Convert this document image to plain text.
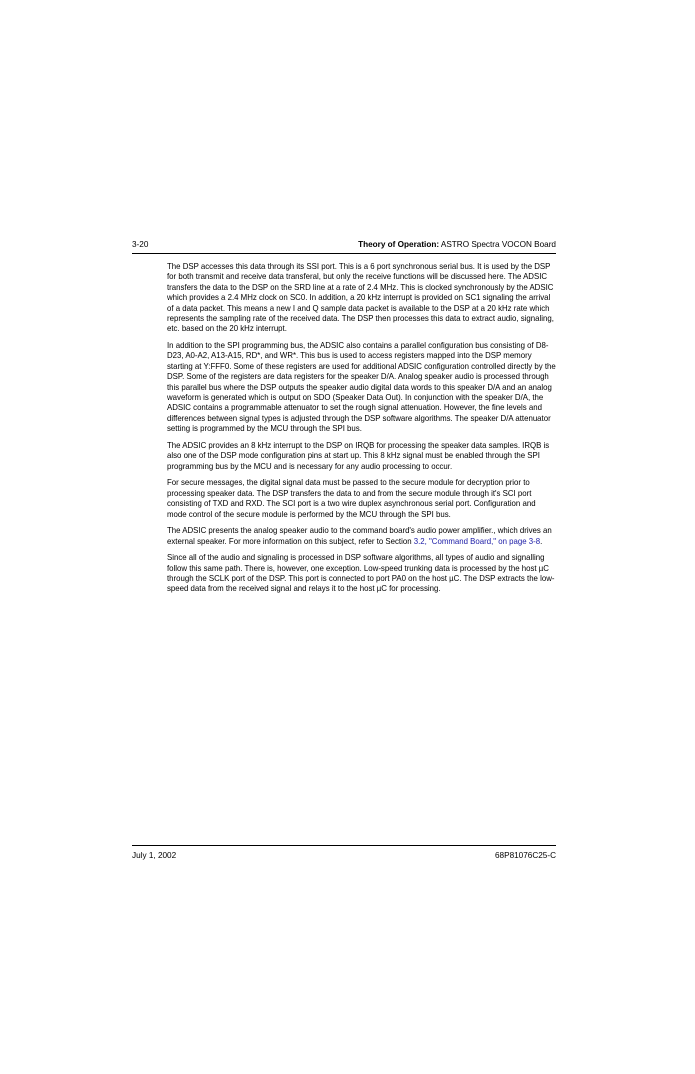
3-20	Theory of Operation: ASTRO Spectra VOCON Board

The DSP accesses this data through its SSI port. This is a 6 port synchronous serial bus. It is used by the DSP for both transmit and receive data transferal, but only the receive functions will be discussed here. The ADSIC transfers the data to the DSP on the SRD line at a rate of 2.4 MHz. This is clocked synchronously by the ADSIC which provides a 2.4 MHz clock on SC0. In addition, a 20 kHz interrupt is provided on SC1 signaling the arrival of a data packet. This means a new I and Q sample data packet is available to the DSP at a 20 kHz rate which represents the sampling rate of the received data. The DSP then processes this data to extract audio, signaling, etc. based on the 20 kHz interrupt.

In addition to the SPI programming bus, the ADSIC also contains a parallel configuration bus consisting of D8-D23, A0-A2, A13-A15, RD*, and WR*. This bus is used to access registers mapped into the DSP memory starting at Y:FFF0. Some of these registers are used for additional ADSIC configuration controlled directly by the DSP. Some of the registers are data registers for the speaker D/A. Analog speaker audio is processed through this parallel bus where the DSP outputs the speaker audio digital data words to this speaker D/A and an analog waveform is generated which is output on SDO (Speaker Data Out). In conjunction with the speaker D/A, the ADSIC contains a programmable attenuator to set the rough signal attenuation. However, the fine levels and differences between signal types is adjusted through the DSP software algorithms. The speaker D/A attenuator setting is programmed by the MCU through the SPI bus.

The ADSIC provides an 8 kHz interrupt to the DSP on IRQB for processing the speaker data samples. IRQB is also one of the DSP mode configuration pins at start up. This 8 kHz signal must be enabled through the SPI programming bus by the MCU and is necessary for any audio processing to occur.

For secure messages, the digital signal data must be passed to the secure module for decryption prior to processing speaker data. The DSP transfers the data to and from the secure module through it's SCI port consisting of TXD and RXD. The SCI port is a two wire duplex asynchronous serial port. Configuration and mode control of the secure module is performed by the MCU through the SPI bus.

The ADSIC presents the analog speaker audio to the command board's audio power amplifier., which drives an external speaker. For more information on this subject, refer to Section 3.2, "Command Board," on page 3-8.

Since all of the audio and signaling is processed in DSP software algorithms, all types of audio and signalling follow this same path. There is, however, one exception. Low-speed trunking data is processed by the host µC through the SCLK port of the DSP. This port is connected to port PA0 on the host µC. The DSP extracts the low-speed data from the received signal and relays it to the host µC for processing.

July 1, 2002	68P81076C25-C
